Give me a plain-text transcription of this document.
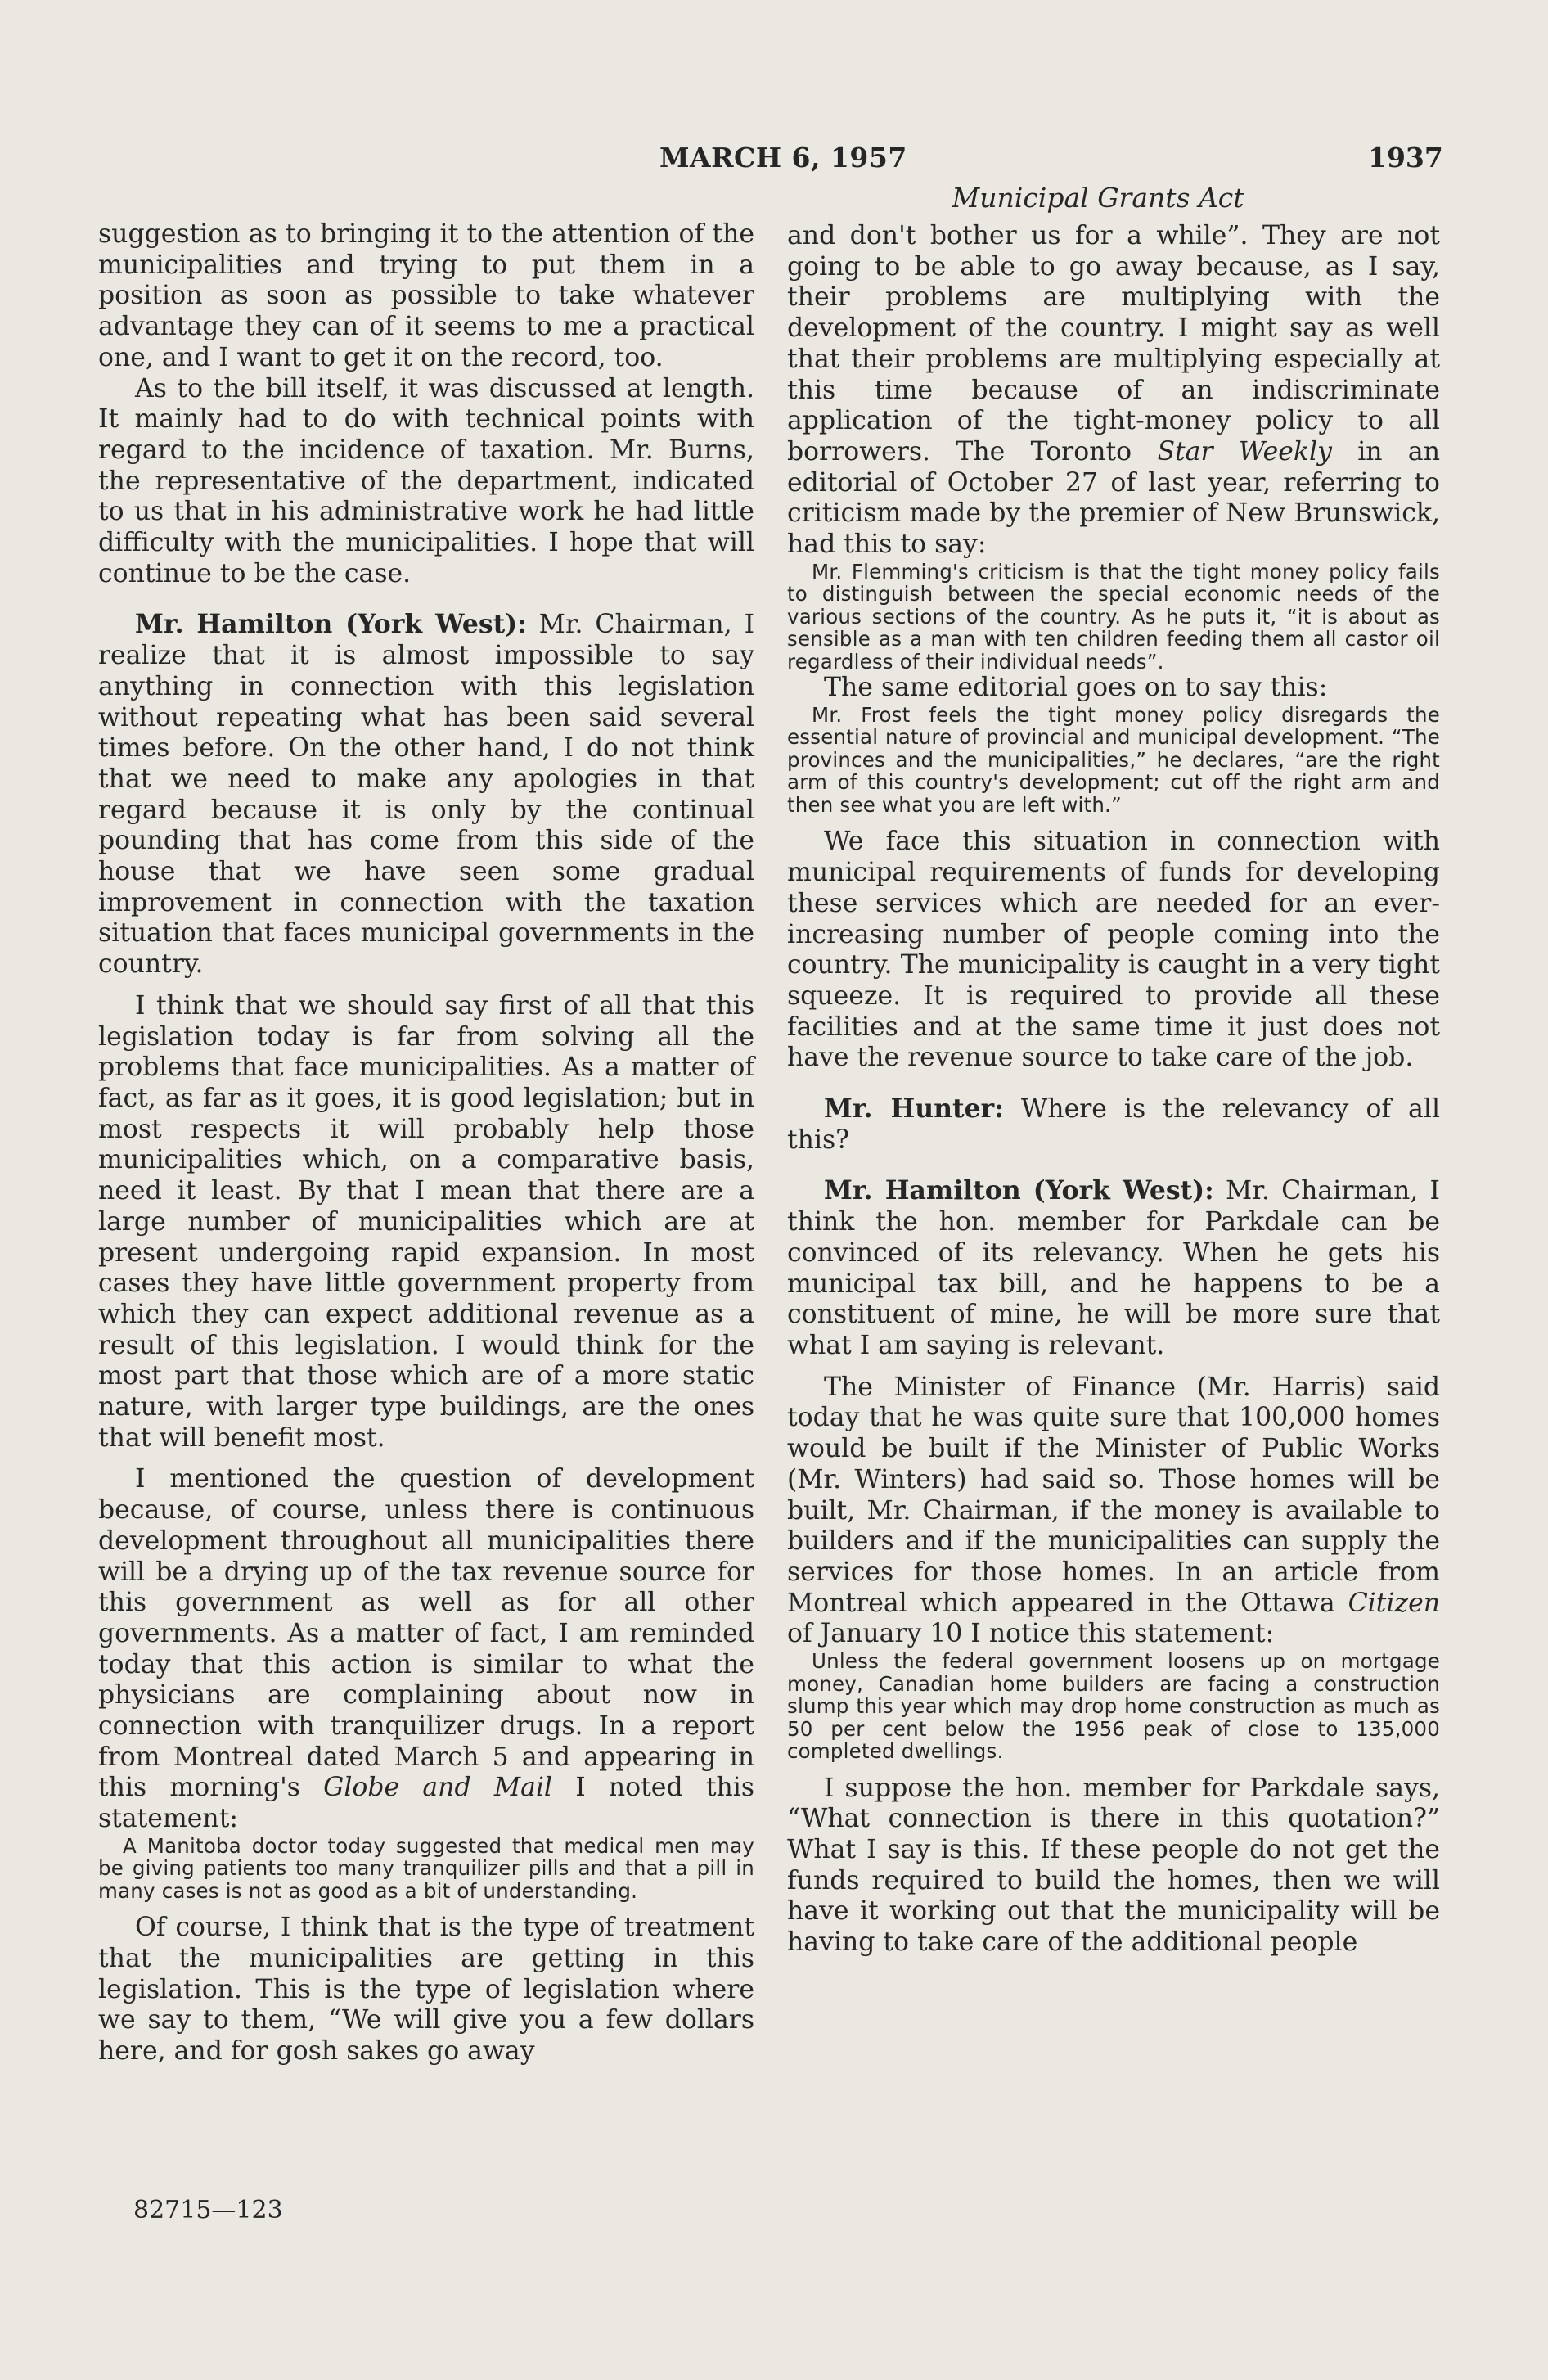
MARCH 6, 1957	1937
Municipal Grants Act

suggestion as to bringing it to the attention of the municipalities and trying to put them in a position as soon as possible to take whatever advantage they can of it seems to me a practical one, and I want to get it on the record, too.

As to the bill itself, it was discussed at length. It mainly had to do with technical points with regard to the incidence of taxation. Mr. Burns, the representative of the department, indicated to us that in his administrative work he had little difficulty with the municipalities. I hope that will continue to be the case.

Mr. Hamilton (York West): Mr. Chairman, I realize that it is almost impossible to say anything in connection with this legislation without repeating what has been said several times before. On the other hand, I do not think that we need to make any apologies in that regard because it is only by the continual pounding that has come from this side of the house that we have seen some gradual improvement in connection with the taxation situation that faces municipal governments in the country.

I think that we should say first of all that this legislation today is far from solving all the problems that face municipalities. As a matter of fact, as far as it goes, it is good legislation; but in most respects it will probably help those municipalities which, on a comparative basis, need it least. By that I mean that there are a large number of municipalities which are at present undergoing rapid expansion. In most cases they have little government property from which they can expect additional revenue as a result of this legislation. I would think for the most part that those which are of a more static nature, with larger type buildings, are the ones that will benefit most.

I mentioned the question of development because, of course, unless there is continuous development throughout all municipalities there will be a drying up of the tax revenue source for this government as well as for all other governments. As a matter of fact, I am reminded today that this action is similar to what the physicians are complaining about now in connection with tranquilizer drugs. In a report from Montreal dated March 5 and appearing in this morning's Globe and Mail I noted this statement:

A Manitoba doctor today suggested that medical men may be giving patients too many tranquilizer pills and that a pill in many cases is not as good as a bit of understanding.

Of course, I think that is the type of treatment that the municipalities are getting in this legislation. This is the type of legislation where we say to them, “We will give you a few dollars here, and for gosh sakes go away

and don't bother us for a while”. They are not going to be able to go away because, as I say, their problems are multiplying with the development of the country. I might say as well that their problems are multiplying especially at this time because of an indiscriminate application of the tight-money policy to all borrowers. The Toronto Star Weekly in an editorial of October 27 of last year, referring to criticism made by the premier of New Brunswick, had this to say:

Mr. Flemming's criticism is that the tight money policy fails to distinguish between the special economic needs of the various sections of the country. As he puts it, “it is about as sensible as a man with ten children feeding them all castor oil regardless of their individual needs”.

The same editorial goes on to say this:

Mr. Frost feels the tight money policy disregards the essential nature of provincial and municipal development. “The provinces and the municipalities,” he declares, “are the right arm of this country's development; cut off the right arm and then see what you are left with.”

We face this situation in connection with municipal requirements of funds for developing these services which are needed for an ever-increasing number of people coming into the country. The municipality is caught in a very tight squeeze. It is required to provide all these facilities and at the same time it just does not have the revenue source to take care of the job.

Mr. Hunter: Where is the relevancy of all this?

Mr. Hamilton (York West): Mr. Chairman, I think the hon. member for Parkdale can be convinced of its relevancy. When he gets his municipal tax bill, and he happens to be a constituent of mine, he will be more sure that what I am saying is relevant.

The Minister of Finance (Mr. Harris) said today that he was quite sure that 100,000 homes would be built if the Minister of Public Works (Mr. Winters) had said so. Those homes will be built, Mr. Chairman, if the money is available to builders and if the municipalities can supply the services for those homes. In an article from Montreal which appeared in the Ottawa Citizen of January 10 I notice this statement:

Unless the federal government loosens up on mortgage money, Canadian home builders are facing a construction slump this year which may drop home construction as much as 50 per cent below the 1956 peak of close to 135,000 completed dwellings.

I suppose the hon. member for Parkdale says, “What connection is there in this quotation?” What I say is this. If these people do not get the funds required to build the homes, then we will have it working out that the municipality will be having to take care of the additional people

82715—123
